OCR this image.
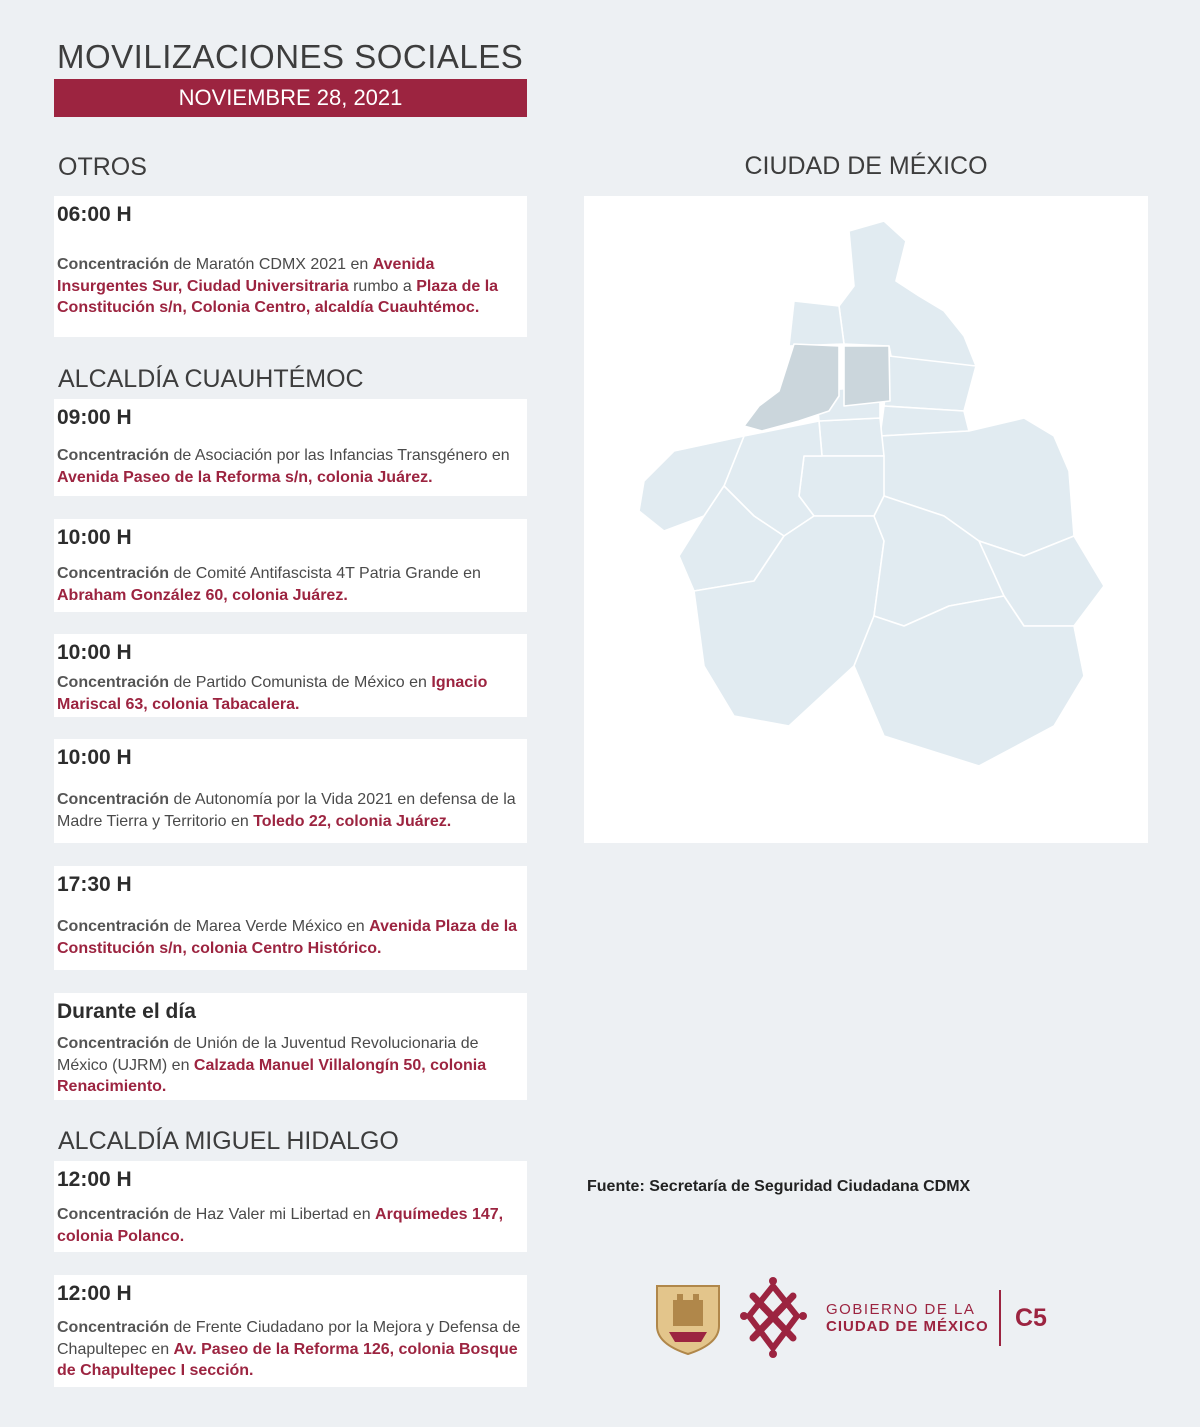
MOVILIZACIONES SOCIALES
NOVIEMBRE 28, 2021
OTROS
06:00 H
Concentración de Maratón CDMX 2021 en Avenida Insurgentes Sur, Ciudad Universitraria rumbo a Plaza de la Constitución s/n, Colonia Centro, alcaldía Cuauhtémoc.
ALCALDÍA CUAUHTÉMOC
09:00 H
Concentración de Asociación por las Infancias Transgénero en Avenida Paseo de la Reforma s/n, colonia Juárez.
10:00 H
Concentración de Comité Antifascista 4T Patria Grande en Abraham González 60, colonia Juárez.
10:00 H
Concentración de Partido Comunista de México en Ignacio Mariscal 63, colonia Tabacalera.
10:00 H
Concentración de Autonomía por la Vida 2021 en defensa de la Madre Tierra y Territorio en Toledo 22, colonia Juárez.
17:30 H
Concentración de Marea Verde México en Avenida Plaza de la Constitución s/n, colonia Centro Histórico.
Durante el día
Concentración de Unión de la Juventud Revolucionaria de México (UJRM) en Calzada Manuel Villalongín 50, colonia Renacimiento.
ALCALDÍA MIGUEL HIDALGO
12:00 H
Concentración de Haz Valer mi Libertad en Arquímedes 147, colonia Polanco.
12:00 H
Concentración de Frente Ciudadano por la Mejora y Defensa de Chapultepec en Av. Paseo de la Reforma 126, colonia Bosque de Chapultepec I sección.
CIUDAD DE MÉXICO
Fuente: Secretaría de Seguridad Ciudadana CDMX
GOBIERNO DE LA
CIUDAD DE MÉXICO C5
